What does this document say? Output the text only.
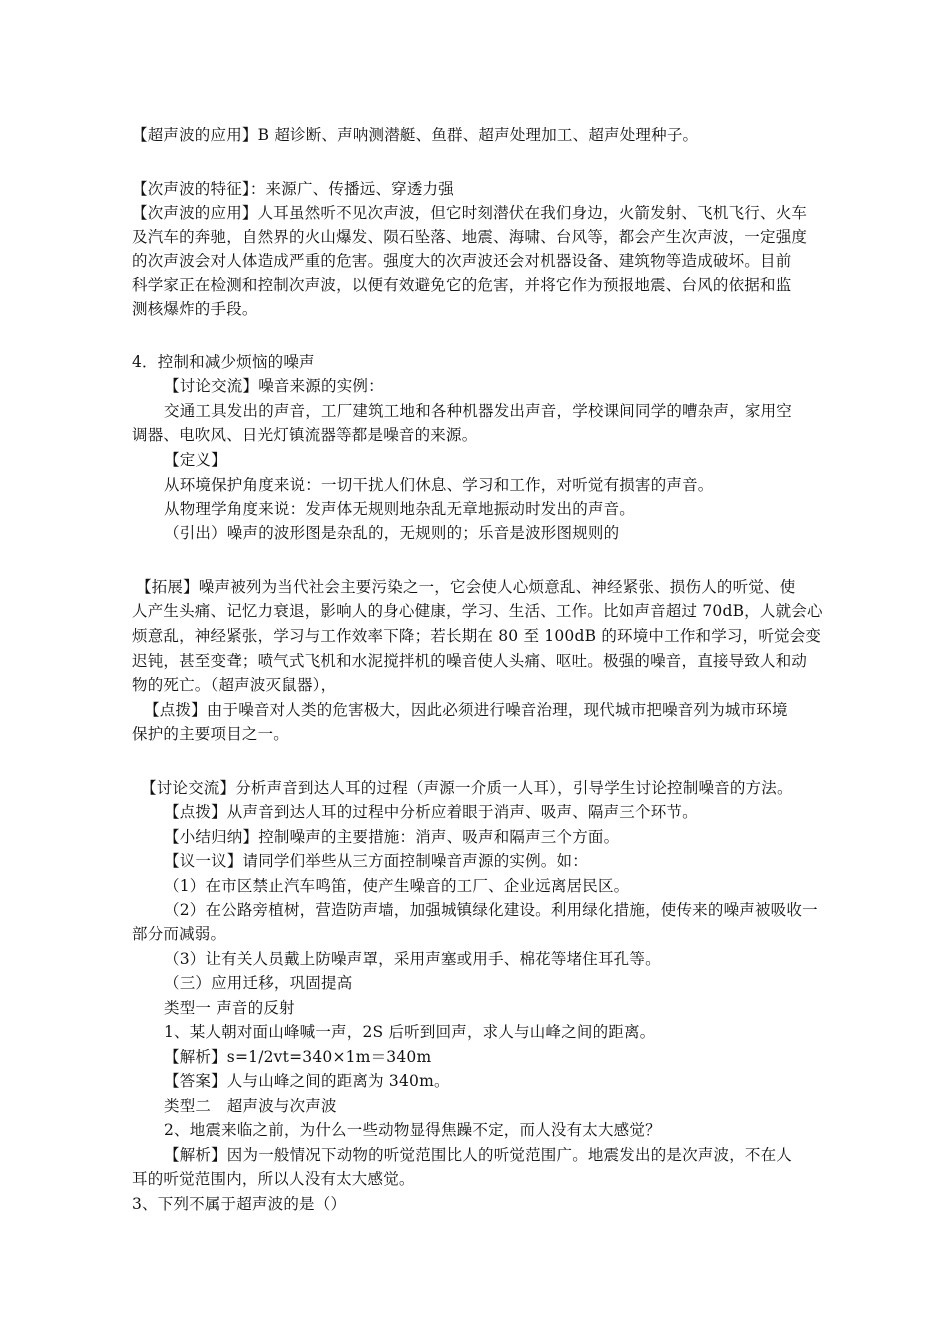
【超声波的应用】B 超诊断、声呐测潜艇、鱼群、超声处理加工、超声处理种子。
【次声波的特征】：来源广、传播远、穿透力强
【次声波的应用】人耳虽然听不见次声波，但它时刻潜伏在我们身边，火箭发射、飞机飞行、火车
及汽车的奔驰，自然界的火山爆发、陨石坠落、地震、海啸、台风等，都会产生次声波，一定强度
的次声波会对人体造成严重的危害。强度大的次声波还会对机器设备、建筑物等造成破坏。目前
科学家正在检测和控制次声波，以便有效避免它的危害，并将它作为预报地震、台风的依据和监
测核爆炸的手段。
4．控制和减少烦恼的噪声
【讨论交流】噪音来源的实例：
交通工具发出的声音，工厂建筑工地和各种机器发出声音，学校课间同学的嘈杂声，家用空
调器、电吹风、日光灯镇流器等都是噪音的来源。
【定义】
从环境保护角度来说：一切干扰人们休息、学习和工作，对听觉有损害的声音。
从物理学角度来说：发声体无规则地杂乱无章地振动时发出的声音。
（引出）噪声的波形图是杂乱的，无规则的；乐音是波形图规则的
【拓展】噪声被列为当代社会主要污染之一，它会使人心烦意乱、神经紧张、损伤人的听觉、使
人产生头痛、记忆力衰退，影响人的身心健康，学习、生活、工作。比如声音超过 70dB，人就会心
烦意乱，神经紧张，学习与工作效率下降；若长期在 80 至 100dB 的环境中工作和学习，听觉会变
迟钝，甚至变聋；喷气式飞机和水泥搅拌机的噪音使人头痛、呕吐。极强的噪音，直接导致人和动
物的死亡。（超声波灭鼠器），
【点拨】由于噪音对人类的危害极大，因此必须进行噪音治理，现代城市把噪音列为城市环境
保护的主要项目之一。
【讨论交流】分析声音到达人耳的过程（声源一介质一人耳），引导学生讨论控制噪音的方法。
【点拨】从声音到达人耳的过程中分析应着眼于消声、吸声、隔声三个环节。
【小结归纳】控制噪声的主要措施：消声、吸声和隔声三个方面。
【议一议】请同学们举些从三方面控制噪音声源的实例。如：
（1）在市区禁止汽车鸣笛，使产生噪音的工厂、企业远离居民区。
（2）在公路旁植树，营造防声墙，加强城镇绿化建设。利用绿化措施，使传来的噪声被吸收一
部分而减弱。
（3）让有关人员戴上防噪声罩，采用声塞或用手、棉花等堵住耳孔等。
（三）应用迁移，巩固提高
类型一 声音的反射
1、某人朝对面山峰喊一声，2S 后听到回声，求人与山峰之间的距离。
【解析】s=1/2vt=340×1m＝340m
【答案】人与山峰之间的距离为 340m。
类型二　超声波与次声波
2、地震来临之前，为什么一些动物显得焦躁不定，而人没有太大感觉？
【解析】因为一般情况下动物的听觉范围比人的听觉范围广。地震发出的是次声波，不在人
耳的听觉范围内，所以人没有太大感觉。
3、下列不属于超声波的是（）
